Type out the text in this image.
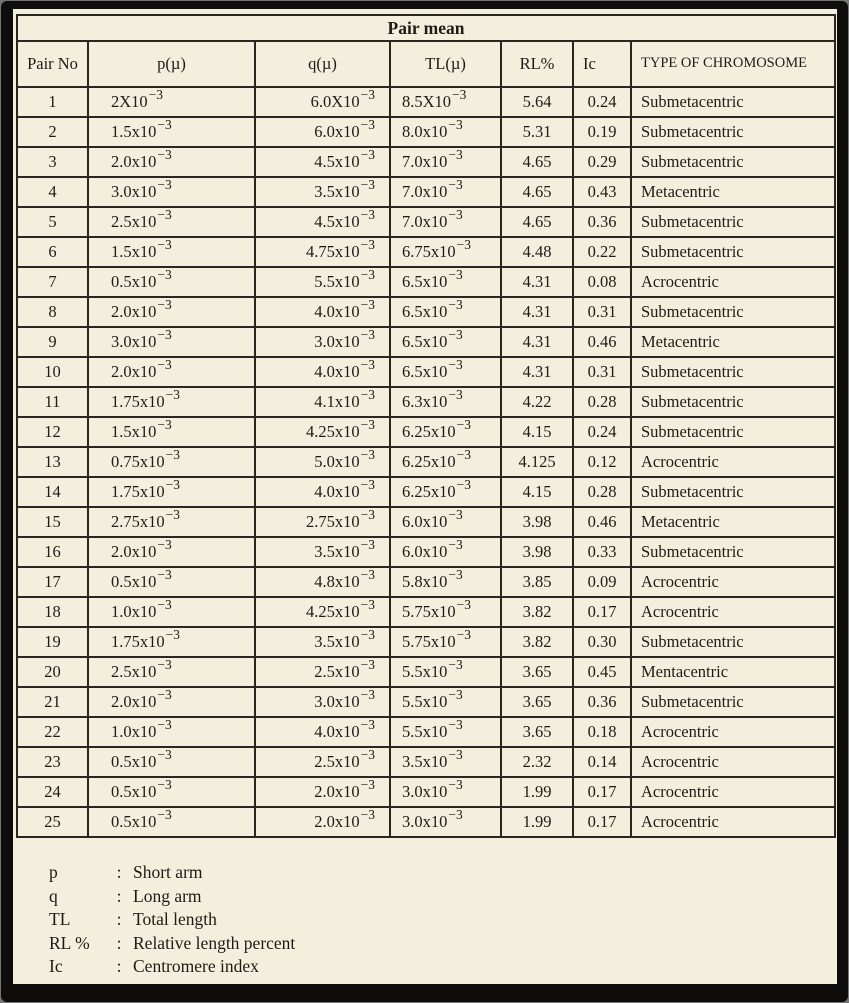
Pair mean						
Pair No	p(µ)	q(µ)	TL(µ)	RL%	Ic	TYPE OF CHROMOSOME
1	2X10−3	6.0X10−3	8.5X10−3	5.64	0.24	Submetacentric
2	1.5x10−3	6.0x10−3	8.0x10−3	5.31	0.19	Submetacentric
3	2.0x10−3	4.5x10−3	7.0x10−3	4.65	0.29	Submetacentric
4	3.0x10−3	3.5x10−3	7.0x10−3	4.65	0.43	Metacentric
5	2.5x10−3	4.5x10−3	7.0x10−3	4.65	0.36	Submetacentric
6	1.5x10−3	4.75x10−3	6.75x10−3	4.48	0.22	Submetacentric
7	0.5x10−3	5.5x10−3	6.5x10−3	4.31	0.08	Acrocentric
8	2.0x10−3	4.0x10−3	6.5x10−3	4.31	0.31	Submetacentric
9	3.0x10−3	3.0x10−3	6.5x10−3	4.31	0.46	Metacentric
10	2.0x10−3	4.0x10−3	6.5x10−3	4.31	0.31	Submetacentric
11	1.75x10−3	4.1x10−3	6.3x10−3	4.22	0.28	Submetacentric
12	1.5x10−3	4.25x10−3	6.25x10−3	4.15	0.24	Submetacentric
13	0.75x10−3	5.0x10−3	6.25x10−3	4.125	0.12	Acrocentric
14	1.75x10−3	4.0x10−3	6.25x10−3	4.15	0.28	Submetacentric
15	2.75x10−3	2.75x10−3	6.0x10−3	3.98	0.46	Metacentric
16	2.0x10−3	3.5x10−3	6.0x10−3	3.98	0.33	Submetacentric
17	0.5x10−3	4.8x10−3	5.8x10−3	3.85	0.09	Acrocentric
18	1.0x10−3	4.25x10−3	5.75x10−3	3.82	0.17	Acrocentric
19	1.75x10−3	3.5x10−3	5.75x10−3	3.82	0.30	Submetacentric
20	2.5x10−3	2.5x10−3	5.5x10−3	3.65	0.45	Mentacentric
21	2.0x10−3	3.0x10−3	5.5x10−3	3.65	0.36	Submetacentric
22	1.0x10−3	4.0x10−3	5.5x10−3	3.65	0.18	Acrocentric
23	0.5x10−3	2.5x10−3	3.5x10−3	2.32	0.14	Acrocentric
24	0.5x10−3	2.0x10−3	3.0x10−3	1.99	0.17	Acrocentric
25	0.5x10−3	2.0x10−3	3.0x10−3	1.99	0.17	Acrocentric
p	: Short arm
q	: Long arm
TL	: Total length
RL %	: Relative length percent
Ic	: Centromere index
